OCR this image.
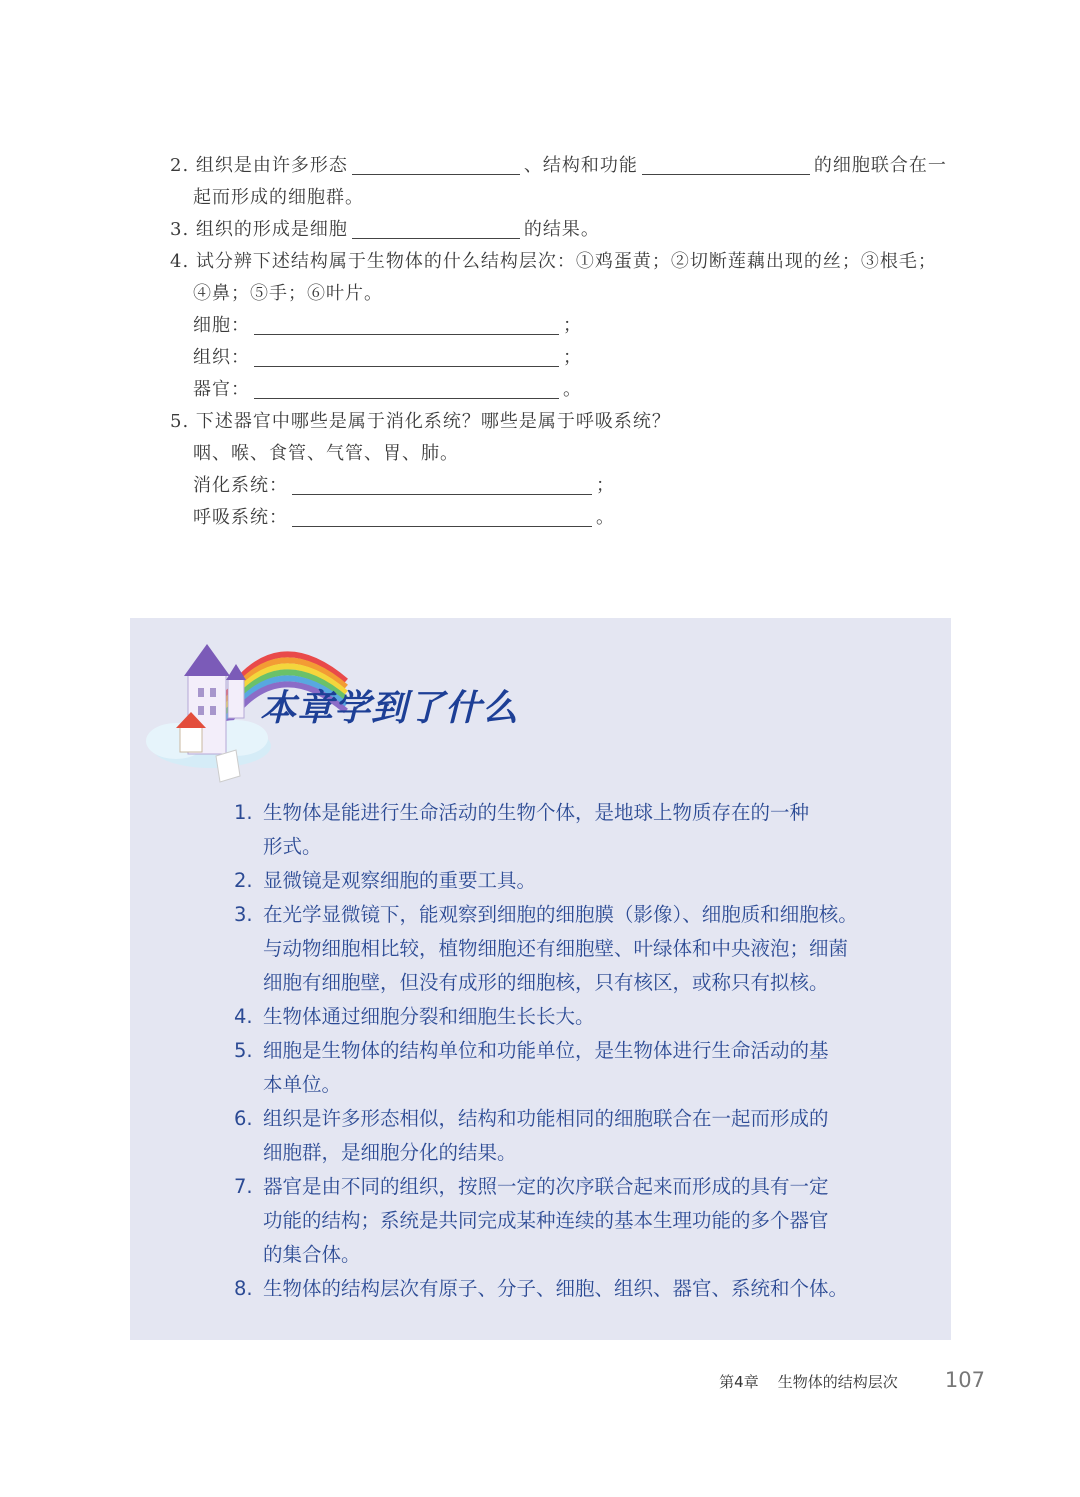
2. 组织是由许多形态	、结构和功能	的细胞联合在一
起而形成的细胞群。
3. 组织的形成是细胞	的结果。
4. 试分辨下述结构属于生物体的什么结构层次：①鸡蛋黄；②切断莲藕出现的丝；③根毛；
④鼻；⑤手；⑥叶片。
细胞：	；
组织：	；
器官：	。
5. 下述器官中哪些是属于消化系统？哪些是属于呼吸系统？
咽、喉、食管、气管、胃、肺。
消化系统：	；
呼吸系统：	。
本章学到了什么
1. 生物体是能进行生命活动的生物个体，是地球上物质存在的一种
形式。
2. 显微镜是观察细胞的重要工具。
3. 在光学显微镜下，能观察到细胞的细胞膜（影像）、细胞质和细胞核。
与动物细胞相比较，植物细胞还有细胞壁、叶绿体和中央液泡；细菌
细胞有细胞壁，但没有成形的细胞核，只有核区，或称只有拟核。
4. 生物体通过细胞分裂和细胞生长长大。
5. 细胞是生物体的结构单位和功能单位，是生物体进行生命活动的基
本单位。
6. 组织是许多形态相似，结构和功能相同的细胞联合在一起而形成的
细胞群，是细胞分化的结果。
7. 器官是由不同的组织，按照一定的次序联合起来而形成的具有一定
功能的结构；系统是共同完成某种连续的基本生理功能的多个器官
的集合体。
8. 生物体的结构层次有原子、分子、细胞、组织、器官、系统和个体。
第4章 生物体的结构层次 107
